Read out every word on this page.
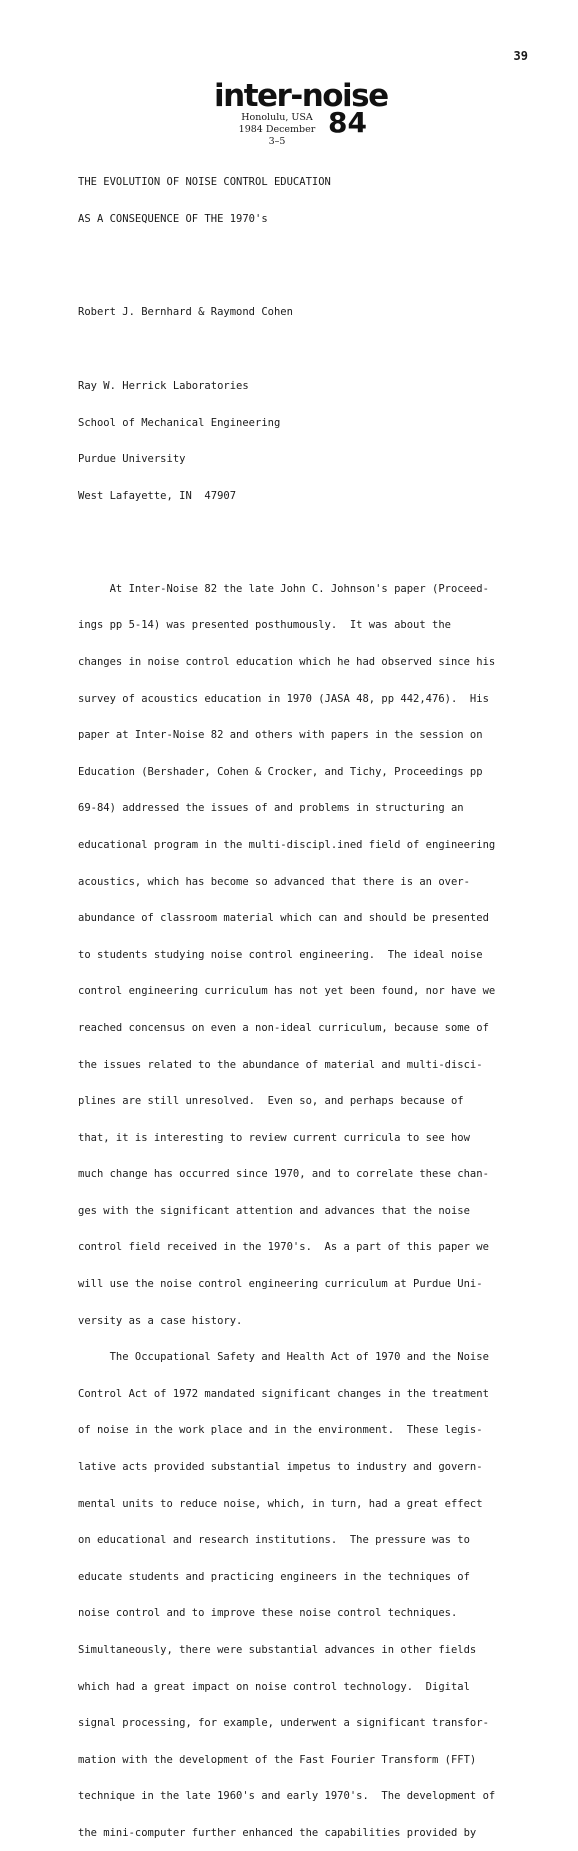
39
inter-noise
Honolulu, USA
1984 December 3–5
84

THE EVOLUTION OF NOISE CONTROL EDUCATION

AS A CONSEQUENCE OF THE 1970's

Robert J. Bernhard & Raymond Cohen

Ray W. Herrick Laboratories

School of Mechanical Engineering

Purdue University

West Lafayette, IN  47907

At Inter-Noise 82 the late John C. Johnson's paper (Proceed-

ings pp 5-14) was presented posthumously.  It was about the

changes in noise control education which he had observed since his

survey of acoustics education in 1970 (JASA 48, pp 442,476).  His

paper at Inter-Noise 82 and others with papers in the session on

Education (Bershader, Cohen & Crocker, and Tichy, Proceedings pp

69-84) addressed the issues of and problems in structuring an

educational program in the multi-discipl.ined field of engineering

acoustics, which has become so advanced that there is an over-

abundance of classroom material which can and should be presented

to students studying noise control engineering.  The ideal noise

control engineering curriculum has not yet been found, nor have we

reached concensus on even a non-ideal curriculum, because some of

the issues related to the abundance of material and multi-disci-

plines are still unresolved.  Even so, and perhaps because of

that, it is interesting to review current curricula to see how

much change has occurred since 1970, and to correlate these chan-

ges with the significant attention and advances that the noise

control field received in the 1970's.  As a part of this paper we

will use the noise control engineering curriculum at Purdue Uni-

versity as a case history.

The Occupational Safety and Health Act of 1970 and the Noise

Control Act of 1972 mandated significant changes in the treatment

of noise in the work place and in the environment.  These legis-

lative acts provided substantial impetus to industry and govern-

mental units to reduce noise, which, in turn, had a great effect

on educational and research institutions.  The pressure was to

educate students and practicing engineers in the techniques of

noise control and to improve these noise control techniques.

Simultaneously, there were substantial advances in other fields

which had a great impact on noise control technology.  Digital

signal processing, for example, underwent a significant transfor-

mation with the development of the Fast Fourier Transform (FFT)

technique in the late 1960's and early 1970's.  The development of

the mini-computer further enhanced the capabilities provided by
